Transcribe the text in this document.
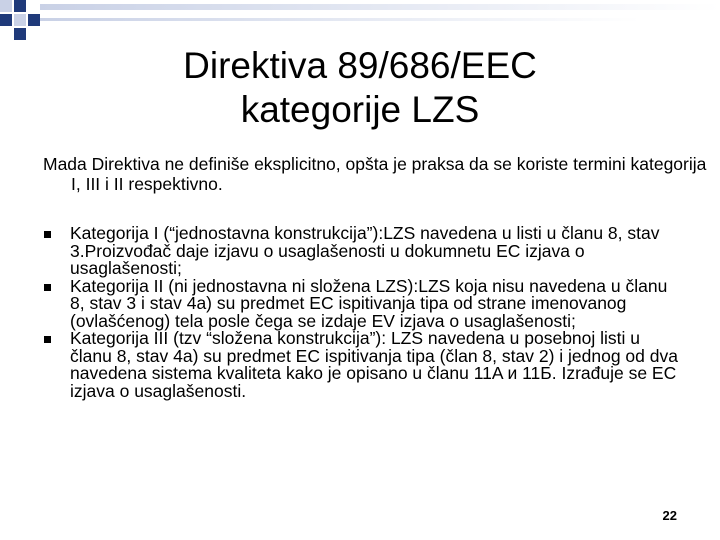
Direktiva 89/686/EEC
kategorije LZS

Mada Direktiva ne definiše eksplicitno, opšta je praksa da se koriste termini kategorija I, III i II respektivno.

Kategorija I (“jednostavna konstrukcija”):LZS navedena u listi u članu 8, stav 3.Proizvođač daje izjavu o usaglašenosti u dokumnetu EC izjava o usaglašenosti;
Kategorija II (ni jednostavna ni složena LZS):LZS koja nisu navedena u članu 8, stav 3 i stav 4a) su predmet EC ispitivanja tipa od strane imenovanog (ovlašćenog) tela posle čega se izdaje EV izjava o usaglašenosti;
Kategorija III (tzv “složena konstrukcija”): LZS navedena u posebnoj listi u članu 8, stav 4a) su predmet EC ispitivanja tipa (član 8, stav 2) i jednog od dva navedena sistema kvaliteta kako je opisano u članu 11A и 11Б. Izrađuje se EC izjava o usaglašenosti.
22
